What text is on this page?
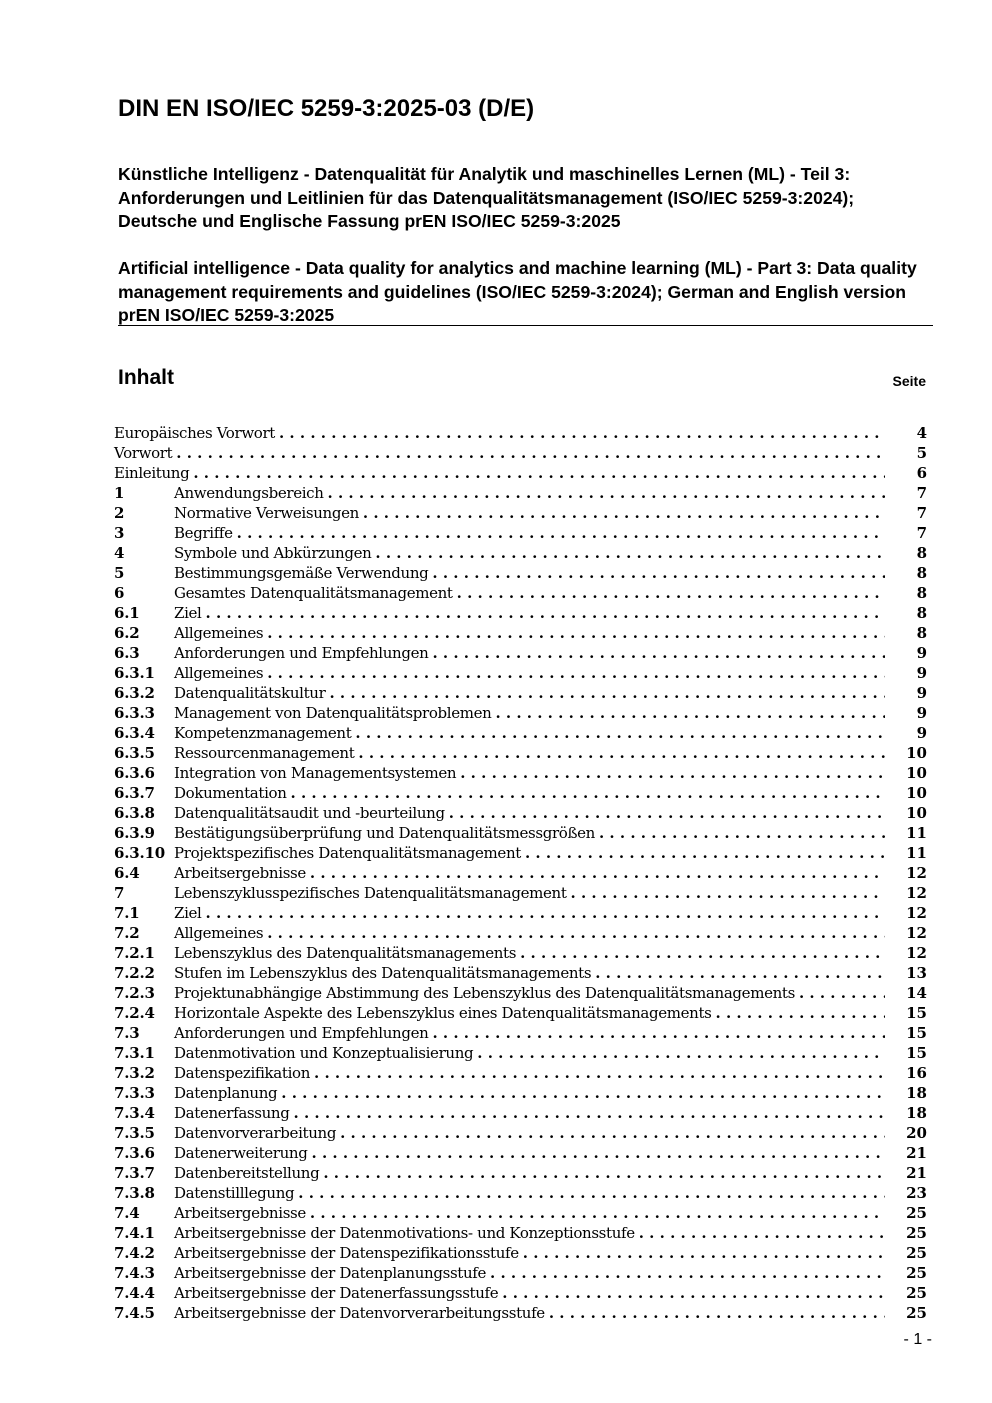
DIN EN ISO/IEC 5259-3:2025-03 (D/E)

Künstliche Intelligenz - Datenqualität für Analytik und maschinelles Lernen (ML) - Teil 3: Anforderungen und Leitlinien für das Datenqualitätsmanagement (ISO/IEC 5259-3:2024); Deutsche und Englische Fassung prEN ISO/IEC 5259-3:2025

Artificial intelligence - Data quality for analytics and machine learning (ML) - Part 3: Data quality management requirements and guidelines (ISO/IEC 5259-3:2024); German and English version prEN ISO/IEC 5259-3:2025

Inhalt	Seite
Europäisches Vorwort . . .	4
Vorwort . . .	5
Einleitung . . .	6
1	Anwendungsbereich . . .	7
2	Normative Verweisungen . . .	7
3	Begriffe . . .	7
4	Symbole und Abkürzungen . . .	8
5	Bestimmungsgemäße Verwendung . . .	8
6	Gesamtes Datenqualitätsmanagement . . .	8
6.1	Ziel . . .	8
6.2	Allgemeines . . .	8
6.3	Anforderungen und Empfehlungen . . .	9
6.3.1	Allgemeines . . .	9
6.3.2	Datenqualitätskultur . . .	9
6.3.3	Management von Datenqualitätsproblemen . . .	9
6.3.4	Kompetenzmanagement . . .	9
6.3.5	Ressourcenmanagement . . .	10
6.3.6	Integration von Managementsystemen . . .	10
6.3.7	Dokumentation . . .	10
6.3.8	Datenqualitätsaudit und -beurteilung . . .	10
6.3.9	Bestätigungsüberprüfung und Datenqualitätsmessgrößen . . .	11
6.3.10 Projektspezifisches Datenqualitätsmanagement . . .	11
6.4	Arbeitsergebnisse . . .	12
7	Lebenszyklusspezifisches Datenqualitätsmanagement . . .	12
7.1	Ziel . . .	12
7.2	Allgemeines . . .	12
7.2.1	Lebenszyklus des Datenqualitätsmanagements . . .	12
7.2.2	Stufen im Lebenszyklus des Datenqualitätsmanagements . . .	13
7.2.3	Projektunabhängige Abstimmung des Lebenszyklus des Datenqualitätsmanagements . . .	14
7.2.4	Horizontale Aspekte des Lebenszyklus eines Datenqualitätsmanagements . . .	15
7.3	Anforderungen und Empfehlungen . . .	15
7.3.1	Datenmotivation und Konzeptualisierung . . .	15
7.3.2	Datenspezifikation . . .	16
7.3.3	Datenplanung . . .	18
7.3.4	Datenerfassung . . .	18
7.3.5	Datenvorverarbeitung . . .	20
7.3.6	Datenerweiterung . . .	21
7.3.7	Datenbereitstellung . . .	21
7.3.8	Datenstilllegung . . .	23
7.4	Arbeitsergebnisse . . .	25
7.4.1	Arbeitsergebnisse der Datenmotivations- und Konzeptionsstufe . . .	25
7.4.2	Arbeitsergebnisse der Datenspezifikationsstufe . . .	25
7.4.3	Arbeitsergebnisse der Datenplanungsstufe . . .	25
7.4.4	Arbeitsergebnisse der Datenerfassungsstufe . . .	25
7.4.5	Arbeitsergebnisse der Datenvorverarbeitungsstufe . . .	25
- 1 -
